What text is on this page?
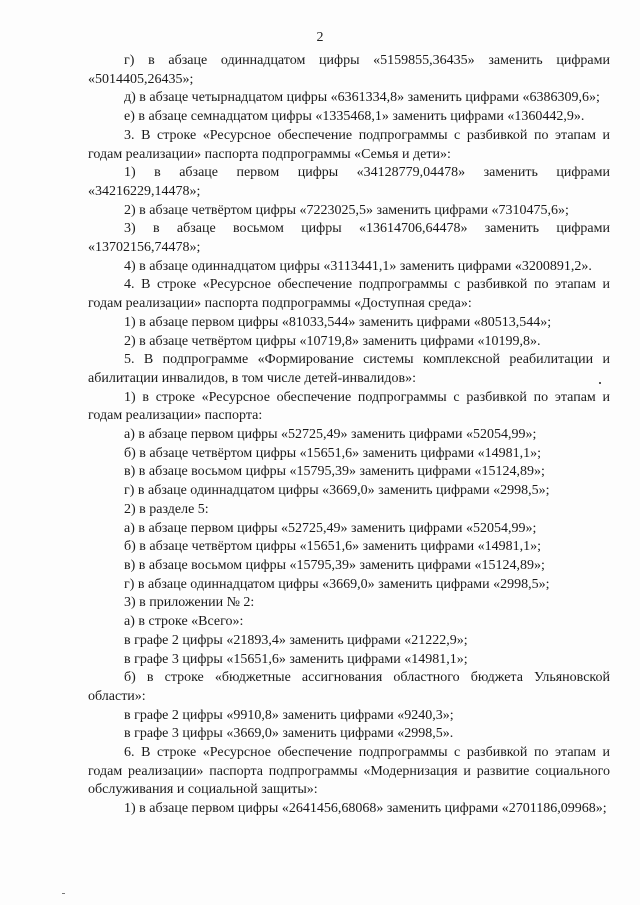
2

г) в абзаце одиннадцатом цифры «5159855,36435» заменить цифрами «5014405,26435»;

д) в абзаце четырнадцатом цифры «6361334,8» заменить цифрами «6386309,6»;

е) в абзаце семнадцатом цифры «1335468,1» заменить цифрами «1360442,9».

3. В строке «Ресурсное обеспечение подпрограммы с разбивкой по этапам и годам реализации» паспорта подпрограммы «Семья и дети»:

1) в абзаце первом цифры «34128779,04478» заменить цифрами «34216229,14478»;

2) в абзаце четвёртом цифры «7223025,5» заменить цифрами «7310475,6»;

3) в абзаце восьмом цифры «13614706,64478» заменить цифрами «13702156,74478»;

4) в абзаце одиннадцатом цифры «3113441,1» заменить цифрами «3200891,2».

4. В строке «Ресурсное обеспечение подпрограммы с разбивкой по этапам и годам реализации» паспорта подпрограммы «Доступная среда»:

1) в абзаце первом цифры «81033,544» заменить цифрами «80513,544»;

2) в абзаце четвёртом цифры «10719,8» заменить цифрами «10199,8».

5. В подпрограмме «Формирование системы комплексной реабилитации и абилитации инвалидов, в том числе детей-инвалидов»:

1) в строке «Ресурсное обеспечение подпрограммы с разбивкой по этапам и годам реализации» паспорта:

а) в абзаце первом цифры «52725,49» заменить цифрами «52054,99»;

б) в абзаце четвёртом цифры «15651,6» заменить цифрами «14981,1»;

в) в абзаце восьмом цифры «15795,39» заменить цифрами «15124,89»;

г) в абзаце одиннадцатом цифры «3669,0» заменить цифрами «2998,5»;

2) в разделе 5:

а) в абзаце первом цифры «52725,49» заменить цифрами «52054,99»;

б) в абзаце четвёртом цифры «15651,6» заменить цифрами «14981,1»;

в) в абзаце восьмом цифры «15795,39» заменить цифрами «15124,89»;

г) в абзаце одиннадцатом цифры «3669,0» заменить цифрами «2998,5»;

3) в приложении № 2:

а) в строке «Всего»:

в графе 2 цифры «21893,4» заменить цифрами «21222,9»;

в графе 3 цифры «15651,6» заменить цифрами «14981,1»;

б) в строке «бюджетные ассигнования областного бюджета Ульяновской области»:

в графе 2 цифры «9910,8» заменить цифрами «9240,3»;

в графе 3 цифры «3669,0» заменить цифрами «2998,5».

6. В строке «Ресурсное обеспечение подпрограммы с разбивкой по этапам и годам реализации» паспорта подпрограммы «Модернизация и развитие социального обслуживания и социальной защиты»:

1) в абзаце первом цифры «2641456,68068» заменить цифрами «2701186,09968»;
